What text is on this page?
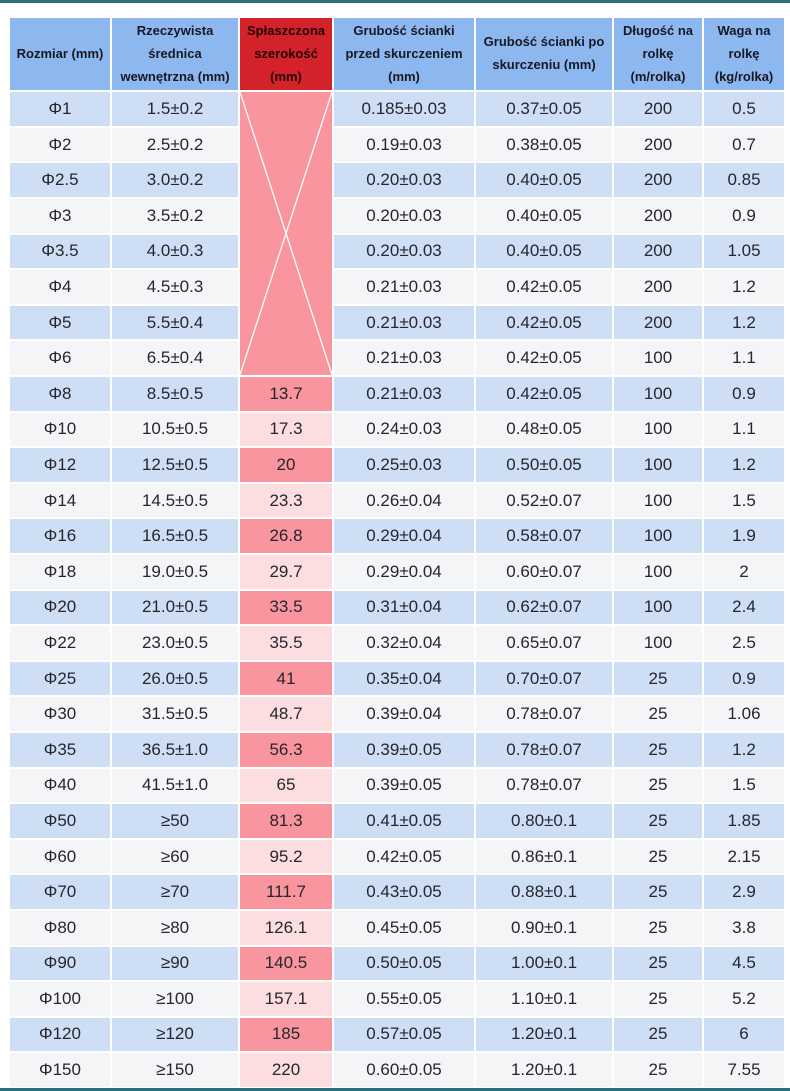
Rozmiar (mm)	Rzeczywista średnica wewnętrzna (mm)	Spłaszczona szerokość (mm)	Grubość ścianki przed skurczeniem (mm)	Grubość ścianki po skurczeniu (mm)	Długość na rolkę (m/rolka)	Waga na rolkę (kg/rolka)
Φ1	1.5±0.2		0.185±0.03	0.37±0.05	200	0.5
Φ2	2.5±0.2		0.19±0.03	0.38±0.05	200	0.7
Φ2.5	3.0±0.2		0.20±0.03	0.40±0.05	200	0.85
Φ3	3.5±0.2		0.20±0.03	0.40±0.05	200	0.9
Φ3.5	4.0±0.3		0.20±0.03	0.40±0.05	200	1.05
Φ4	4.5±0.3		0.21±0.03	0.42±0.05	200	1.2
Φ5	5.5±0.4		0.21±0.03	0.42±0.05	200	1.2
Φ6	6.5±0.4		0.21±0.03	0.42±0.05	100	1.1
Φ8	8.5±0.5	13.7	0.21±0.03	0.42±0.05	100	0.9
Φ10	10.5±0.5	17.3	0.24±0.03	0.48±0.05	100	1.1
Φ12	12.5±0.5	20	0.25±0.03	0.50±0.05	100	1.2
Φ14	14.5±0.5	23.3	0.26±0.04	0.52±0.07	100	1.5
Φ16	16.5±0.5	26.8	0.29±0.04	0.58±0.07	100	1.9
Φ18	19.0±0.5	29.7	0.29±0.04	0.60±0.07	100	2
Φ20	21.0±0.5	33.5	0.31±0.04	0.62±0.07	100	2.4
Φ22	23.0±0.5	35.5	0.32±0.04	0.65±0.07	100	2.5
Φ25	26.0±0.5	41	0.35±0.04	0.70±0.07	25	0.9
Φ30	31.5±0.5	48.7	0.39±0.04	0.78±0.07	25	1.06
Φ35	36.5±1.0	56.3	0.39±0.05	0.78±0.07	25	1.2
Φ40	41.5±1.0	65	0.39±0.05	0.78±0.07	25	1.5
Φ50	≥50	81.3	0.41±0.05	0.80±0.1	25	1.85
Φ60	≥60	95.2	0.42±0.05	0.86±0.1	25	2.15
Φ70	≥70	111.7	0.43±0.05	0.88±0.1	25	2.9
Φ80	≥80	126.1	0.45±0.05	0.90±0.1	25	3.8
Φ90	≥90	140.5	0.50±0.05	1.00±0.1	25	4.5
Φ100	≥100	157.1	0.55±0.05	1.10±0.1	25	5.2
Φ120	≥120	185	0.57±0.05	1.20±0.1	25	6
Φ150	≥150	220	0.60±0.05	1.20±0.1	25	7.55
